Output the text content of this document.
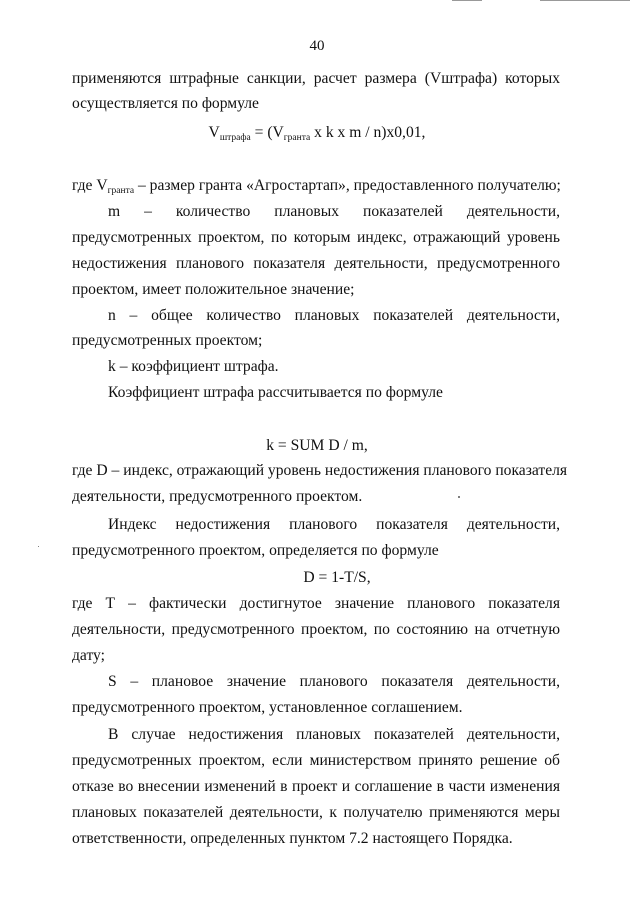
40
применяются штрафные санкции, расчет размера (Vштрафа) которых
осуществляется по формуле
$V_{штрафа} = (V_{гранта}$ x k x m / n)x0,01,
где $V_{гранта}$ – размер гранта «Агростартап», предоставленного получателю;
m – количество плановых показателей деятельности,
предусмотренных проектом, по которым индекс, отражающий уровень
недостижения планового показателя деятельности, предусмотренного
проектом, имеет положительное значение;
n – общее количество плановых показателей деятельности,
предусмотренных проектом;
k – коэффициент штрафа.
Коэффициент штрафа рассчитывается по формуле
k = SUM D / m,
где D – индекс, отражающий уровень недостижения планового показателя
деятельности, предусмотренного проектом.
Индекс недостижения планового показателя деятельности,
предусмотренного проектом, определяется по формуле
D = 1-T/S,
где Т – фактически достигнутое значение планового показателя
деятельности, предусмотренного проектом, по состоянию на отчетную
дату;
S – плановое значение планового показателя деятельности,
предусмотренного проектом, установленное соглашением.
В случае недостижения плановых показателей деятельности,
предусмотренных проектом, если министерством принято решение об
отказе во внесении изменений в проект и соглашение в части изменения
плановых показателей деятельности, к получателю применяются меры
ответственности, определенных пунктом 7.2 настоящего Порядка.
